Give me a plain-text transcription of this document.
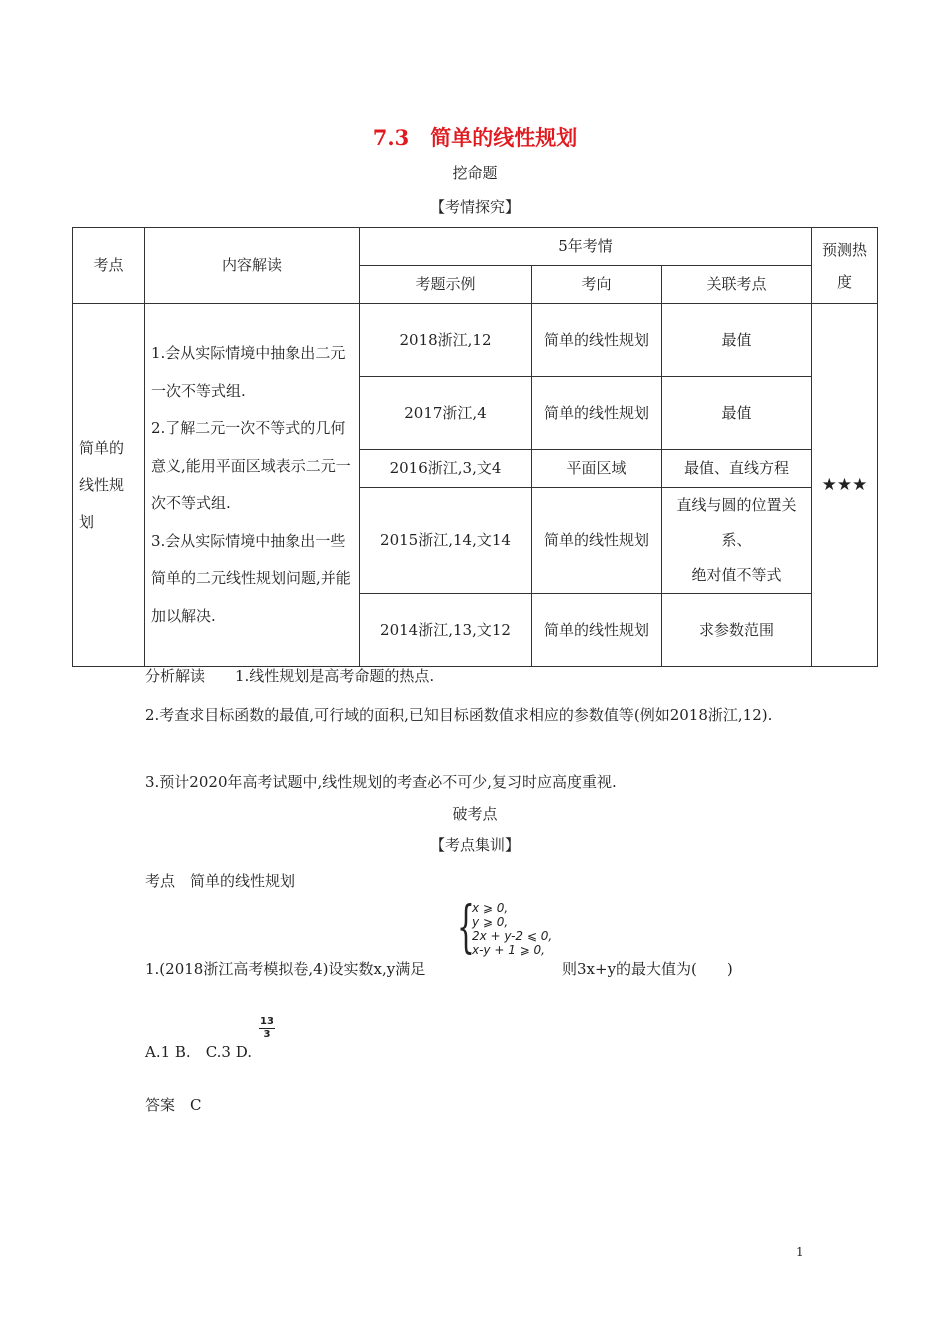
7.3　简单的线性规划
挖命题
【考情探究】
考点	内容解读	5年考情			预测热度
		考题示例	考向	关联考点	
简单的线性规划	1.会从实际情境中抽象出二元一次不等式组.
2.了解二元一次不等式的几何意义,能用平面区域表示二元一次不等式组.
3.会从实际情境中抽象出一些简单的二元线性规划问题,并能加以解决.	2018浙江,12	简单的线性规划	最值	★★★
		2017浙江,4	简单的线性规划	最值	
		2016浙江,3,文4	平面区域	最值、直线方程	
		2015浙江,14,文14	简单的线性规划	直线与圆的位置关系、
绝对值不等式	
		2014浙江,13,文12	简单的线性规划	求参数范围	
分析解读　　1.线性规划是高考命题的热点.
2.考查求目标函数的最值,可行域的面积,已知目标函数值求相应的参数值等(例如2018浙江,12).
3.预计2020年高考试题中,线性规划的考查必不可少,复习时应高度重视.
破考点
【考点集训】
考点　简单的线性规划
{
x ⩾ 0,
y ⩾ 0,
2x + y-2 ⩽ 0,
x-y + 1 ⩾ 0,
1.(2018浙江高考模拟卷,4)设实数x,y满足	则3x+y的最大值为(　　)
A.1 B.　C.3 D.
13
3
答案　C
1
